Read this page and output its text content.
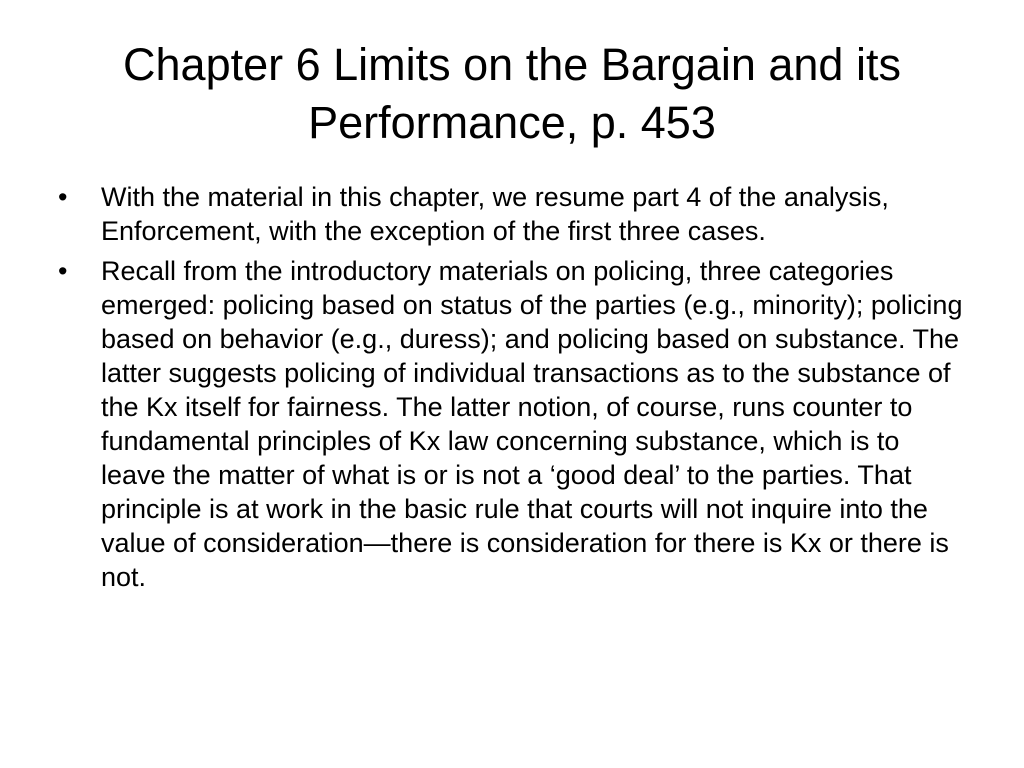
Chapter 6 Limits on the Bargain and its Performance, p. 453
• With the material in this chapter, we resume part 4 of the analysis, Enforcement, with the exception of the first three cases.
• Recall from the introductory materials on policing, three categories emerged: policing based on status of the parties (e.g., minority); policing based on behavior (e.g., duress); and policing based on substance. The latter suggests policing of individual transactions as to the substance of the Kx itself for fairness. The latter notion, of course, runs counter to fundamental principles of Kx law concerning substance, which is to leave the matter of what is or is not a ‘good deal’ to the parties. That principle is at work in the basic rule that courts will not inquire into the value of consideration—there is consideration for there is Kx or there is not.
